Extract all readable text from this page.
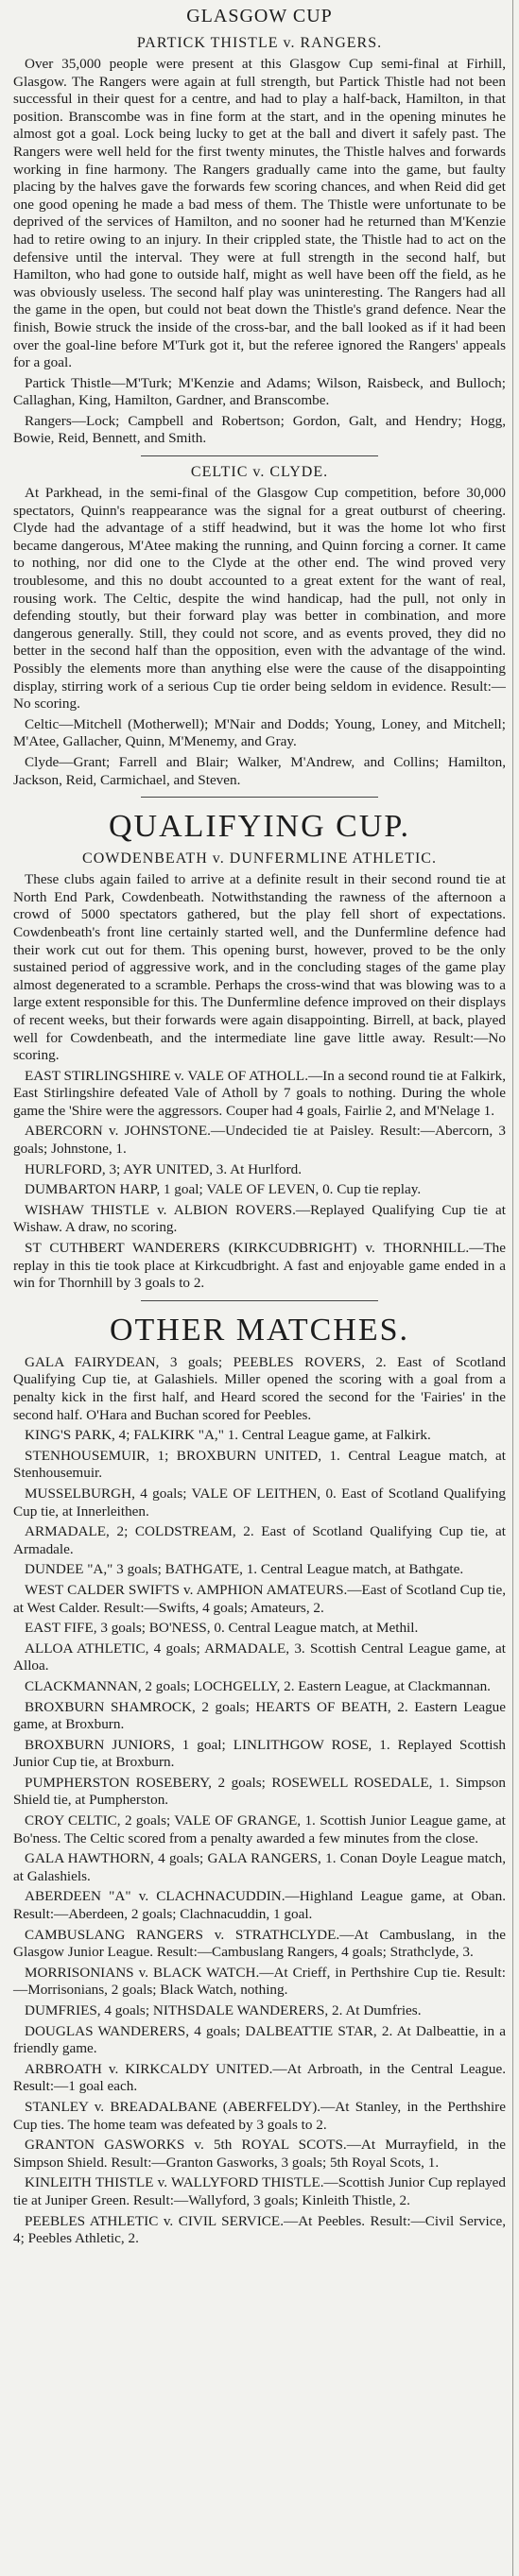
GLASGOW CUP
PARTICK THISTLE v. RANGERS.

Over 35,000 people were present at this Glasgow Cup semi-final at Firhill, Glasgow. The Rangers were again at full strength, but Partick Thistle had not been successful in their quest for a centre, and had to play a half-back, Hamilton, in that position. Branscombe was in fine form at the start, and in the opening minutes he almost got a goal. Lock being lucky to get at the ball and divert it safely past. The Rangers were well held for the first twenty minutes, the Thistle halves and forwards working in fine harmony. The Rangers gradually came into the game, but faulty placing by the halves gave the forwards few scoring chances, and when Reid did get one good opening he made a bad mess of them. The Thistle were unfortunate to be deprived of the services of Hamilton, and no sooner had he returned than M'Kenzie had to retire owing to an injury. In their crippled state, the Thistle had to act on the defensive until the interval. They were at full strength in the second half, but Hamilton, who had gone to outside half, might as well have been off the field, as he was obviously useless. The second half play was uninteresting. The Rangers had all the game in the open, but could not beat down the Thistle's grand defence. Near the finish, Bowie struck the inside of the cross-bar, and the ball looked as if it had been over the goal-line before M'Turk got it, but the referee ignored the Rangers' appeals for a goal.

Partick Thistle—M'Turk; M'Kenzie and Adams; Wilson, Raisbeck, and Bulloch; Callaghan, King, Hamilton, Gardner, and Branscombe.

Rangers—Lock; Campbell and Robertson; Gordon, Galt, and Hendry; Hogg, Bowie, Reid, Bennett, and Smith.

CELTIC v. CLYDE.

At Parkhead, in the semi-final of the Glasgow Cup competition, before 30,000 spectators, Quinn's reappearance was the signal for a great outburst of cheering. Clyde had the advantage of a stiff headwind, but it was the home lot who first became dangerous, M'Atee making the running, and Quinn forcing a corner. It came to nothing, nor did one to the Clyde at the other end. The wind proved very troublesome, and this no doubt accounted to a great extent for the want of real, rousing work. The Celtic, despite the wind handicap, had the pull, not only in defending stoutly, but their forward play was better in combination, and more dangerous generally. Still, they could not score, and as events proved, they did no better in the second half than the opposition, even with the advantage of the wind. Possibly the elements more than anything else were the cause of the disappointing display, stirring work of a serious Cup tie order being seldom in evidence. Result:—No scoring.

Celtic—Mitchell (Motherwell); M'Nair and Dodds; Young, Loney, and Mitchell; M'Atee, Gallacher, Quinn, M'Menemy, and Gray.

Clyde—Grant; Farrell and Blair; Walker, M'Andrew, and Collins; Hamilton, Jackson, Reid, Carmichael, and Steven.

QUALIFYING CUP.
COWDENBEATH v. DUNFERMLINE ATHLETIC.

These clubs again failed to arrive at a definite result in their second round tie at North End Park, Cowdenbeath. Notwithstanding the rawness of the afternoon a crowd of 5000 spectators gathered, but the play fell short of expectations. Cowdenbeath's front line certainly started well, and the Dunfermline defence had their work cut out for them. This opening burst, however, proved to be the only sustained period of aggressive work, and in the concluding stages of the game play almost degenerated to a scramble. Perhaps the cross-wind that was blowing was to a large extent responsible for this. The Dunfermline defence improved on their displays of recent weeks, but their forwards were again disappointing. Birrell, at back, played well for Cowdenbeath, and the intermediate line gave little away. Result:—No scoring.

EAST STIRLINGSHIRE v. VALE OF ATHOLL.—In a second round tie at Falkirk, East Stirlingshire defeated Vale of Atholl by 7 goals to nothing. During the whole game the 'Shire were the aggressors. Couper had 4 goals, Fairlie 2, and M'Nelage 1.

ABERCORN v. JOHNSTONE.—Undecided tie at Paisley. Result:—Abercorn, 3 goals; Johnstone, 1.

HURLFORD, 3; AYR UNITED, 3. At Hurlford.

DUMBARTON HARP, 1 goal; VALE OF LEVEN, 0. Cup tie replay.

WISHAW THISTLE v. ALBION ROVERS.—Replayed Qualifying Cup tie at Wishaw. A draw, no scoring.

ST CUTHBERT WANDERERS (KIRKCUDBRIGHT) v. THORNHILL.—The replay in this tie took place at Kirkcudbright. A fast and enjoyable game ended in a win for Thornhill by 3 goals to 2.

OTHER MATCHES.

GALA FAIRYDEAN, 3 goals; PEEBLES ROVERS, 2. East of Scotland Qualifying Cup tie, at Galashiels. Miller opened the scoring with a goal from a penalty kick in the first half, and Heard scored the second for the 'Fairies' in the second half. O'Hara and Buchan scored for Peebles.

KING'S PARK, 4; FALKIRK "A," 1. Central League game, at Falkirk.

STENHOUSEMUIR, 1; BROXBURN UNITED, 1. Central League match, at Stenhousemuir.

MUSSELBURGH, 4 goals; VALE OF LEITHEN, 0. East of Scotland Qualifying Cup tie, at Innerleithen.

ARMADALE, 2; COLDSTREAM, 2. East of Scotland Qualifying Cup tie, at Armadale.

DUNDEE "A," 3 goals; BATHGATE, 1. Central League match, at Bathgate.

WEST CALDER SWIFTS v. AMPHION AMATEURS.—East of Scotland Cup tie, at West Calder. Result:—Swifts, 4 goals; Amateurs, 2.

EAST FIFE, 3 goals; BO'NESS, 0. Central League match, at Methil.

ALLOA ATHLETIC, 4 goals; ARMADALE, 3. Scottish Central League game, at Alloa.

CLACKMANNAN, 2 goals; LOCHGELLY, 2. Eastern League, at Clackmannan.

BROXBURN SHAMROCK, 2 goals; HEARTS OF BEATH, 2. Eastern League game, at Broxburn.

BROXBURN JUNIORS, 1 goal; LINLITHGOW ROSE, 1. Replayed Scottish Junior Cup tie, at Broxburn.

PUMPHERSTON ROSEBERY, 2 goals; ROSEWELL ROSEDALE, 1. Simpson Shield tie, at Pumpherston.

CROY CELTIC, 2 goals; VALE OF GRANGE, 1. Scottish Junior League game, at Bo'ness. The Celtic scored from a penalty awarded a few minutes from the close.

GALA HAWTHORN, 4 goals; GALA RANGERS, 1. Conan Doyle League match, at Galashiels.

ABERDEEN "A" v. CLACHNACUDDIN.—Highland League game, at Oban. Result:—Aberdeen, 2 goals; Clachnacuddin, 1 goal.

CAMBUSLANG RANGERS v. STRATHCLYDE.—At Cambuslang, in the Glasgow Junior League. Result:—Cambuslang Rangers, 4 goals; Strathclyde, 3.

MORRISONIANS v. BLACK WATCH.—At Crieff, in Perthshire Cup tie. Result:—Morrisonians, 2 goals; Black Watch, nothing.

DUMFRIES, 4 goals; NITHSDALE WANDERERS, 2. At Dumfries.

DOUGLAS WANDERERS, 4 goals; DALBEATTIE STAR, 2. At Dalbeattie, in a friendly game.

ARBROATH v. KIRKCALDY UNITED.—At Arbroath, in the Central League. Result:—1 goal each.

STANLEY v. BREADALBANE (ABERFELDY).—At Stanley, in the Perthshire Cup ties. The home team was defeated by 3 goals to 2.

GRANTON GASWORKS v. 5th ROYAL SCOTS.—At Murrayfield, in the Simpson Shield. Result:—Granton Gasworks, 3 goals; 5th Royal Scots, 1.

KINLEITH THISTLE v. WALLYFORD THISTLE.—Scottish Junior Cup replayed tie at Juniper Green. Result:—Wallyford, 3 goals; Kinleith Thistle, 2.

PEEBLES ATHLETIC v. CIVIL SERVICE.—At Peebles. Result:—Civil Service, 4; Peebles Athletic, 2.
